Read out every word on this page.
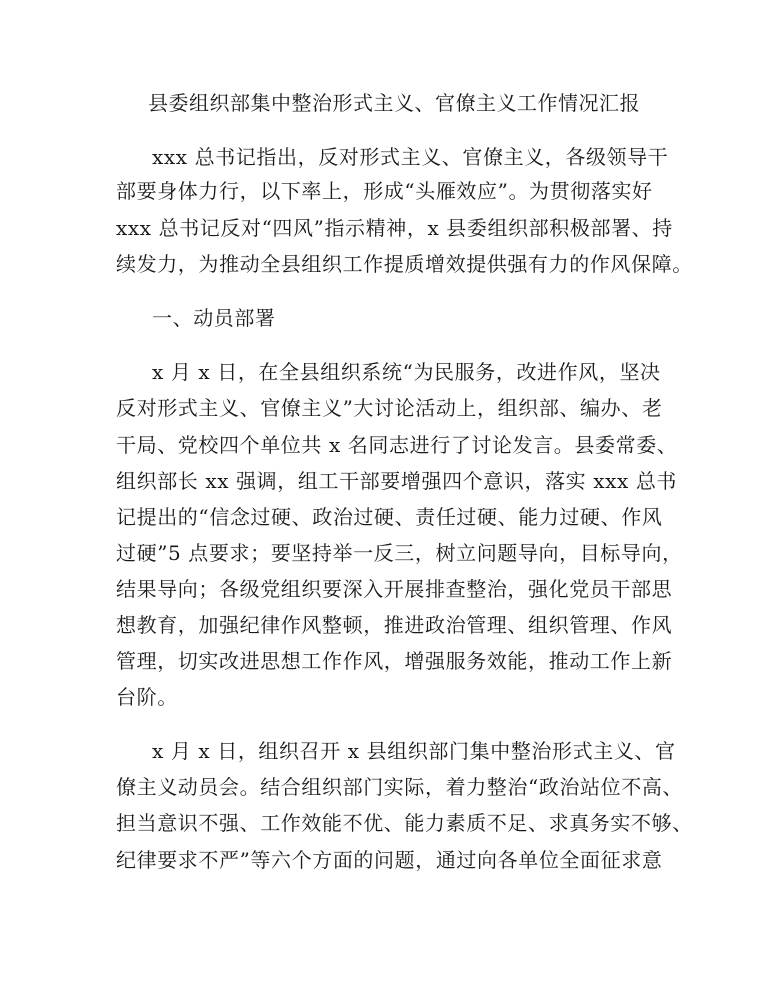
县委组织部集中整治形式主义、官僚主义工作情况汇报
xxx 总书记指出，反对形式主义、官僚主义，各级领导干
部要身体力行，以下率上，形成“头雁效应”。为贯彻落实好
xxx 总书记反对“四风”指示精神，x 县委组织部积极部署、持
续发力，为推动全县组织工作提质增效提供强有力的作风保障。
一、动员部署
x 月 x 日，在全县组织系统“为民服务，改进作风，坚决
反对形式主义、官僚主义”大讨论活动上，组织部、编办、老
干局、党校四个单位共 x 名同志进行了讨论发言。县委常委、
组织部长 xx 强调，组工干部要增强四个意识，落实 xxx 总书
记提出的“信念过硬、政治过硬、责任过硬、能力过硬、作风
过硬”5 点要求；要坚持举一反三，树立问题导向，目标导向，
结果导向；各级党组织要深入开展排查整治，强化党员干部思
想教育，加强纪律作风整顿，推进政治管理、组织管理、作风
管理，切实改进思想工作作风，增强服务效能，推动工作上新
台阶。
x 月 x 日，组织召开 x 县组织部门集中整治形式主义、官
僚主义动员会。结合组织部门实际，着力整治“政治站位不高、
担当意识不强、工作效能不优、能力素质不足、求真务实不够、
纪律要求不严”等六个方面的问题，通过向各单位全面征求意
